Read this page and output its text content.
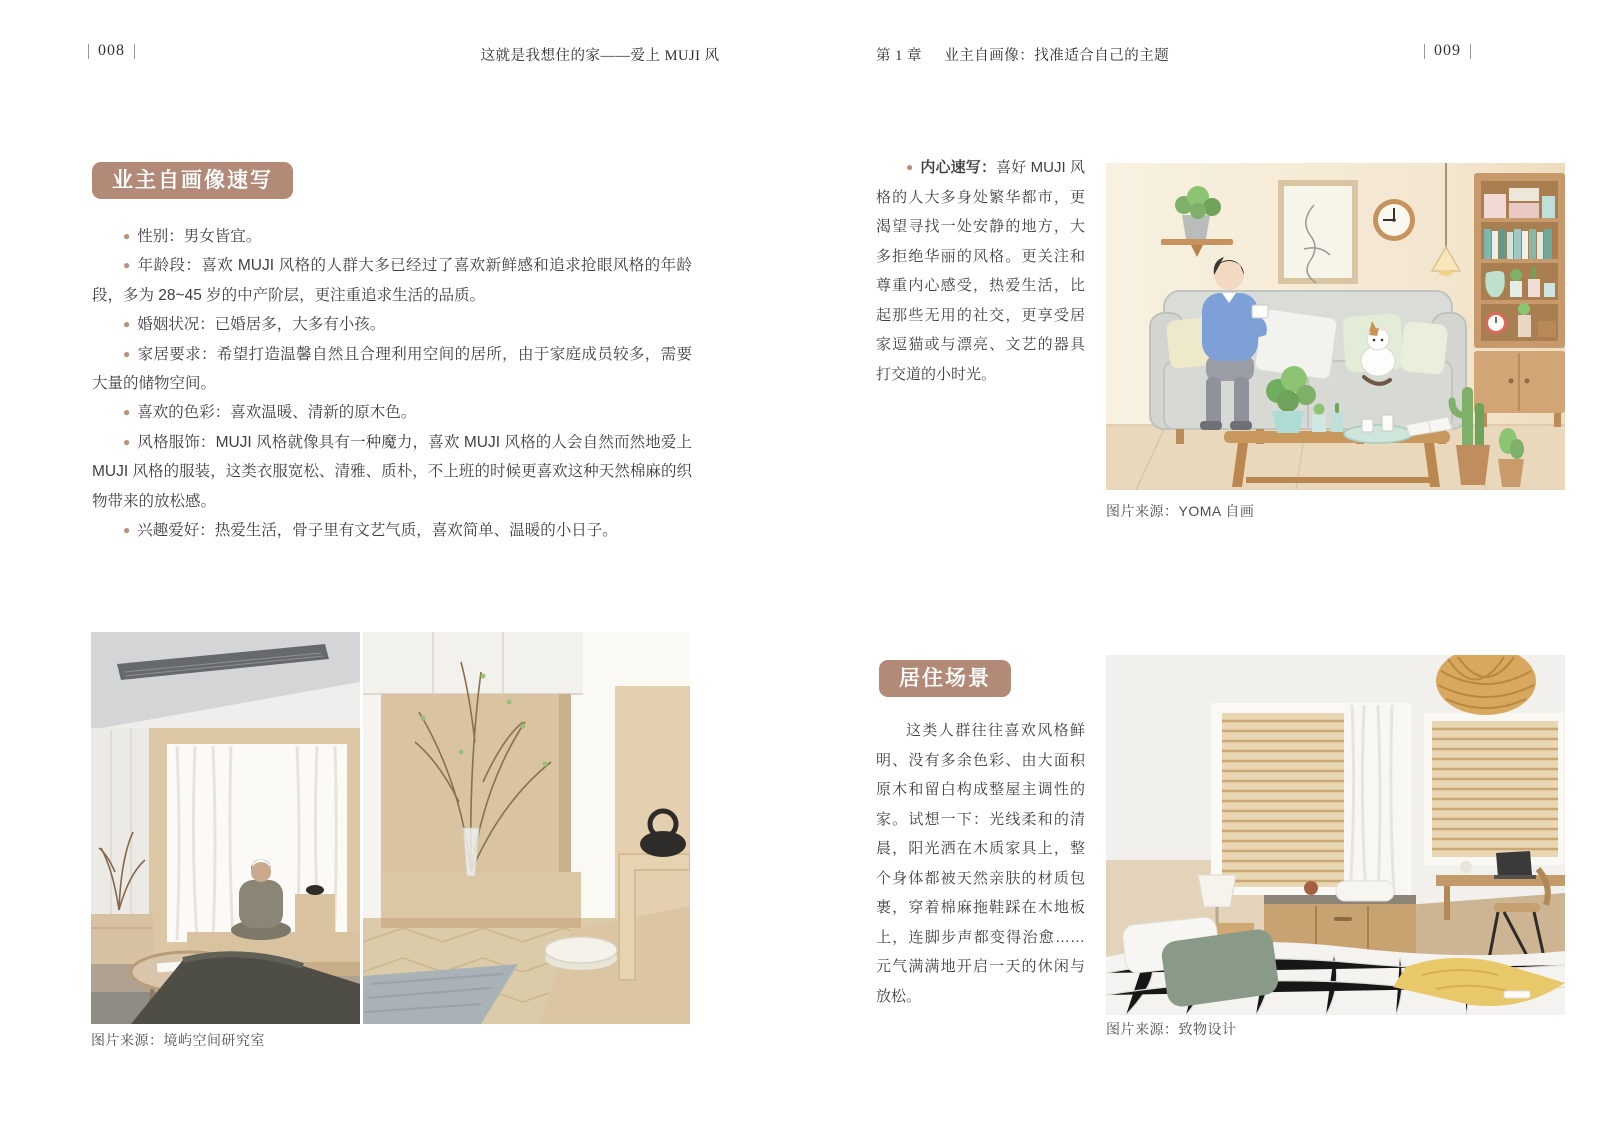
008	这就是我想住的家——爱上 MUJI 风
业主自画像速写

● 性别：男女皆宜。

● 年龄段：喜欢 MUJI 风格的人群大多已经过了喜欢新鲜感和追求抢眼风格的年龄段，多为 28~45 岁的中产阶层，更注重追求生活的品质。

● 婚姻状况：已婚居多，大多有小孩。

● 家居要求：希望打造温馨自然且合理利用空间的居所，由于家庭成员较多，需要大量的储物空间。

● 喜欢的色彩：喜欢温暖、清新的原木色。

● 风格服饰：MUJI 风格就像具有一种魔力，喜欢 MUJI 风格的人会自然而然地爱上 MUJI 风格的服装，这类衣服宽松、清雅、质朴，不上班的时候更喜欢这种天然棉麻的织物带来的放松感。

● 兴趣爱好：热爱生活，骨子里有文艺气质，喜欢简单、温暖的小日子。

图片来源：境屿空间研究室
第 1 章 业主自画像：找准适合自己的主题	009

● 内心速写：喜好 MUJI 风格的人大多身处繁华都市，更渴望寻找一处安静的地方，大多拒绝华丽的风格。更关注和尊重内心感受，热爱生活，比起那些无用的社交，更享受居家逗猫或与漂亮、文艺的器具打交道的小时光。

图片来源：YOMA 自画
居住场景

这类人群往往喜欢风格鲜明、没有多余色彩、由大面积原木和留白构成整屋主调性的家。试想一下：光线柔和的清晨，阳光洒在木质家具上，整个身体都被天然亲肤的材质包裹，穿着棉麻拖鞋踩在木地板上，连脚步声都变得治愈……元气满满地开启一天的休闲与放松。

图片来源：致物设计
